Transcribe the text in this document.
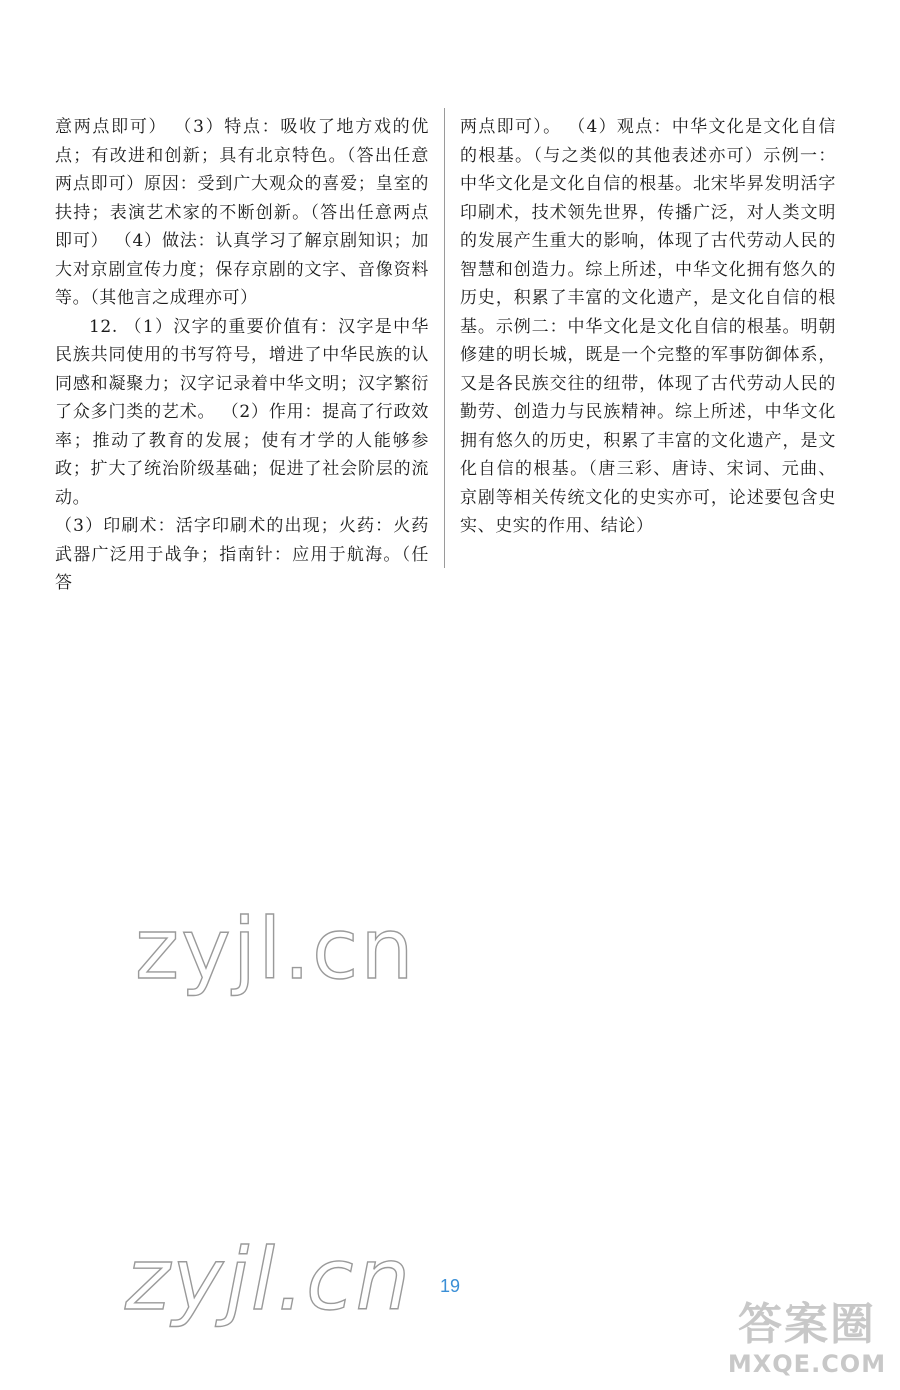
意两点即可） （3）特点：吸收了地方戏的优点；有改进和创新；具有北京特色。（答出任意两点即可）原因：受到广大观众的喜爱；皇室的扶持；表演艺术家的不断创新。（答出任意两点即可） （4）做法：认真学习了解京剧知识；加大对京剧宣传力度；保存京剧的文字、音像资料等。（其他言之成理亦可）

12. （1）汉字的重要价值有：汉字是中华民族共同使用的书写符号，增进了中华民族的认同感和凝聚力；汉字记录着中华文明；汉字繁衍了众多门类的艺术。 （2）作用：提高了行政效率；推动了教育的发展；使有才学的人能够参政；扩大了统治阶级基础；促进了社会阶层的流动。

（3）印刷术：活字印刷术的出现；火药：火药武器广泛用于战争；指南针：应用于航海。（任答

两点即可）。 （4）观点：中华文化是文化自信的根基。（与之类似的其他表述亦可）示例一：中华文化是文化自信的根基。北宋毕昇发明活字印刷术，技术领先世界，传播广泛，对人类文明的发展产生重大的影响，体现了古代劳动人民的智慧和创造力。综上所述，中华文化拥有悠久的历史，积累了丰富的文化遗产，是文化自信的根基。示例二：中华文化是文化自信的根基。明朝修建的明长城，既是一个完整的军事防御体系，又是各民族交往的纽带，体现了古代劳动人民的勤劳、创造力与民族精神。综上所述，中华文化拥有悠久的历史，积累了丰富的文化遗产，是文化自信的根基。（唐三彩、唐诗、宋词、元曲、京剧等相关传统文化的史实亦可，论述要包含史实、史实的作用、结论）

zyjl.cn
zyjl.cn	19
答案圈
MXQE.COM
